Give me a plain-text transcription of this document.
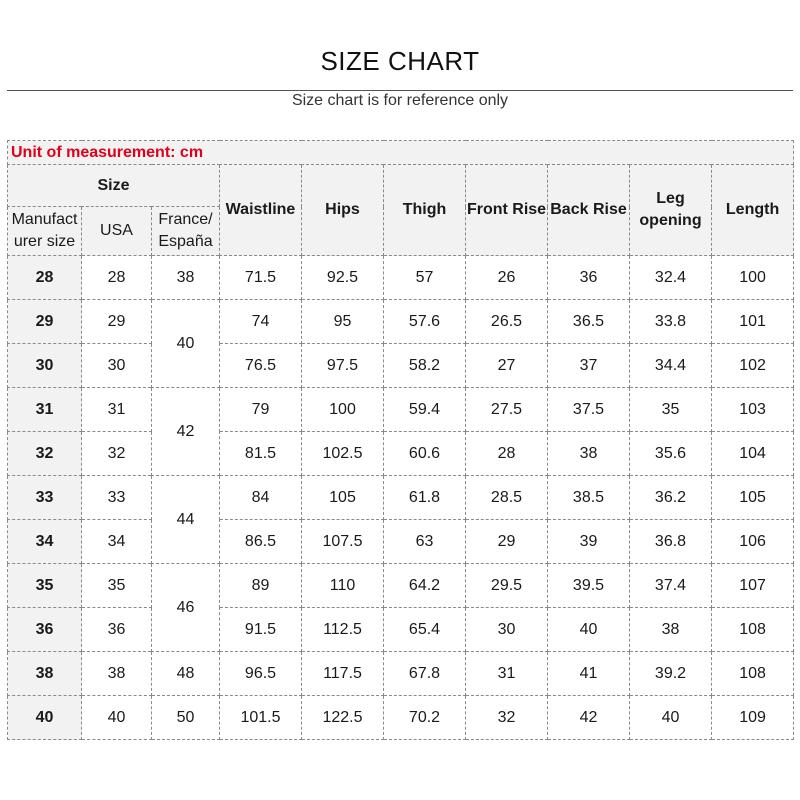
SIZE CHART
Size chart is for reference only
Unit of measurement: cm									
Size			Waistline	Hips	Thigh	Front Rise	Back Rise	Leg opening	Length
Manufact urer size	USA	France/ España							
28	28	38	71.5	92.5	57	26	36	32.4	100
29	29	40	74	95	57.6	26.5	36.5	33.8	101
30	30		76.5	97.5	58.2	27	37	34.4	102
31	31	42	79	100	59.4	27.5	37.5	35	103
32	32		81.5	102.5	60.6	28	38	35.6	104
33	33	44	84	105	61.8	28.5	38.5	36.2	105
34	34		86.5	107.5	63	29	39	36.8	106
35	35	46	89	110	64.2	29.5	39.5	37.4	107
36	36		91.5	112.5	65.4	30	40	38	108
38	38	48	96.5	117.5	67.8	31	41	39.2	108
40	40	50	101.5	122.5	70.2	32	42	40	109
